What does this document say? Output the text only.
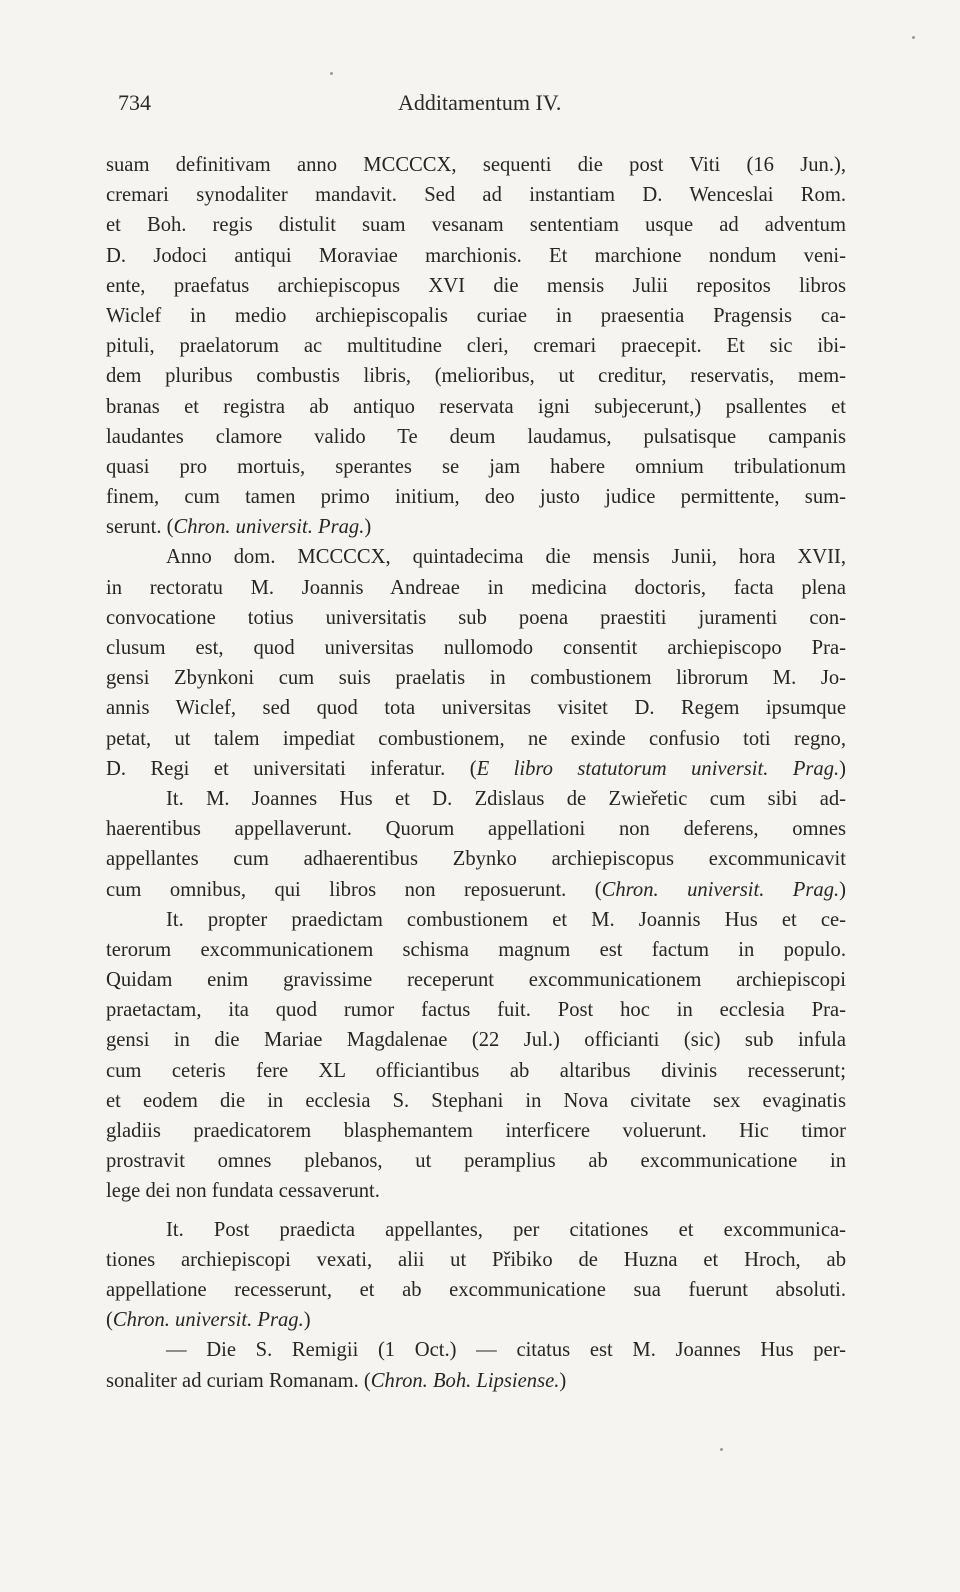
734	Additamentum IV.
suam definitivam anno MCCCCX, sequenti die post Viti (16 Jun.),
cremari synodaliter mandavit. Sed ad instantiam D. Wenceslai Rom.
et Boh. regis distulit suam vesanam sententiam usque ad adventum
D. Jodoci antiqui Moraviae marchionis. Et marchione nondum veni-
ente, praefatus archiepiscopus XVI die mensis Julii repositos libros
Wiclef in medio archiepiscopalis curiae in praesentia Pragensis ca-
pituli, praelatorum ac multitudine cleri, cremari praecepit. Et sic ibi-
dem pluribus combustis libris, (melioribus, ut creditur, reservatis, mem-
branas et registra ab antiquo reservata igni subjecerunt,) psallentes et
laudantes clamore valido Te deum laudamus, pulsatisque campanis
quasi pro mortuis, sperantes se jam habere omnium tribulationum
finem, cum tamen primo initium, deo justo judice permittente, sum-
serunt. (Chron. universit. Prag.)
Anno dom. MCCCCX, quintadecima die mensis Junii, hora XVII,
in rectoratu M. Joannis Andreae in medicina doctoris, facta plena
convocatione totius universitatis sub poena praestiti juramenti con-
clusum est, quod universitas nullomodo consentit archiepiscopo Pra-
gensi Zbynkoni cum suis praelatis in combustionem librorum M. Jo-
annis Wiclef, sed quod tota universitas visitet D. Regem ipsumque
petat, ut talem impediat combustionem, ne exinde confusio toti regno,
D. Regi et universitati inferatur. (E libro statutorum universit. Prag.)
It. M. Joannes Hus et D. Zdislaus de Zwieřetic cum sibi ad-
haerentibus appellaverunt. Quorum appellationi non deferens, omnes
appellantes cum adhaerentibus Zbynko archiepiscopus excommunicavit
cum omnibus, qui libros non reposuerunt. (Chron. universit. Prag.)
It. propter praedictam combustionem et M. Joannis Hus et ce-
terorum excommunicationem schisma magnum est factum in populo.
Quidam enim gravissime receperunt excommunicationem archiepiscopi
praetactam, ita quod rumor factus fuit. Post hoc in ecclesia Pra-
gensi in die Mariae Magdalenae (22 Jul.) officianti (sic) sub infula
cum ceteris fere XL officiantibus ab altaribus divinis recesserunt;
et eodem die in ecclesia S. Stephani in Nova civitate sex evaginatis
gladiis praedicatorem blasphemantem interficere voluerunt. Hic timor
prostravit omnes plebanos, ut peramplius ab excommunicatione in
lege dei non fundata cessaverunt.
It. Post praedicta appellantes, per citationes et excommunica-
tiones archiepiscopi vexati, alii ut Přibiko de Huzna et Hroch, ab
appellatione recesserunt, et ab excommunicatione sua fuerunt absoluti.
(Chron. universit. Prag.)
— Die S. Remigii (1 Oct.) — citatus est M. Joannes Hus per-
sonaliter ad curiam Romanam. (Chron. Boh. Lipsiense.)
